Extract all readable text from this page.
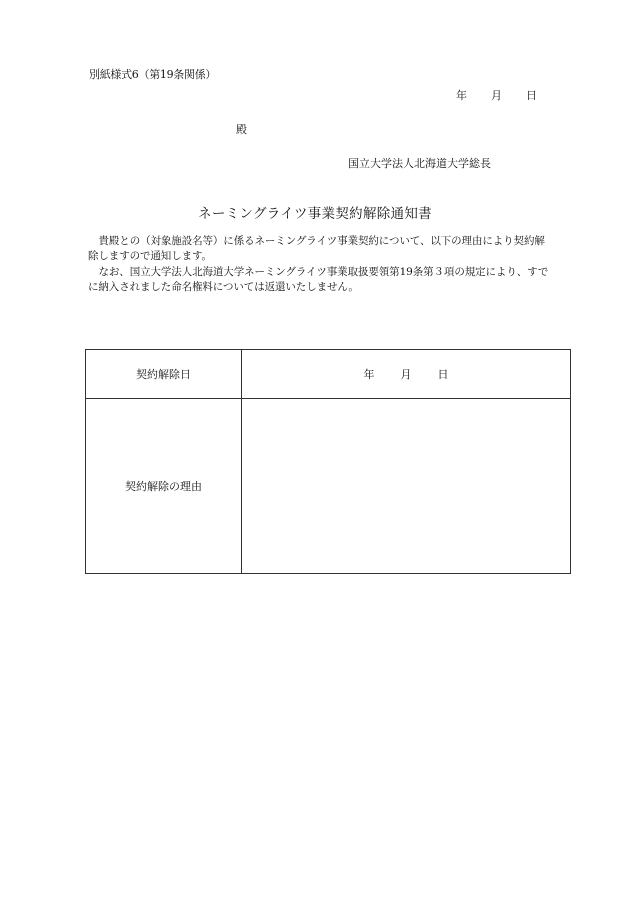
別紙様式6（第19条関係）
年 月 日
殿
国立大学法人北海道大学総長
ネーミングライツ事業契約解除通知書

貴殿との（対象施設名等）に係るネーミングライツ事業契約について、以下の理由により契約解除しますので通知します。

なお、国立大学法人北海道大学ネーミングライツ事業取扱要領第19条第３項の規定により、すでに納入されました命名権料については返還いたしません。

契約解除日	年 月 日

契約解除の理由	
